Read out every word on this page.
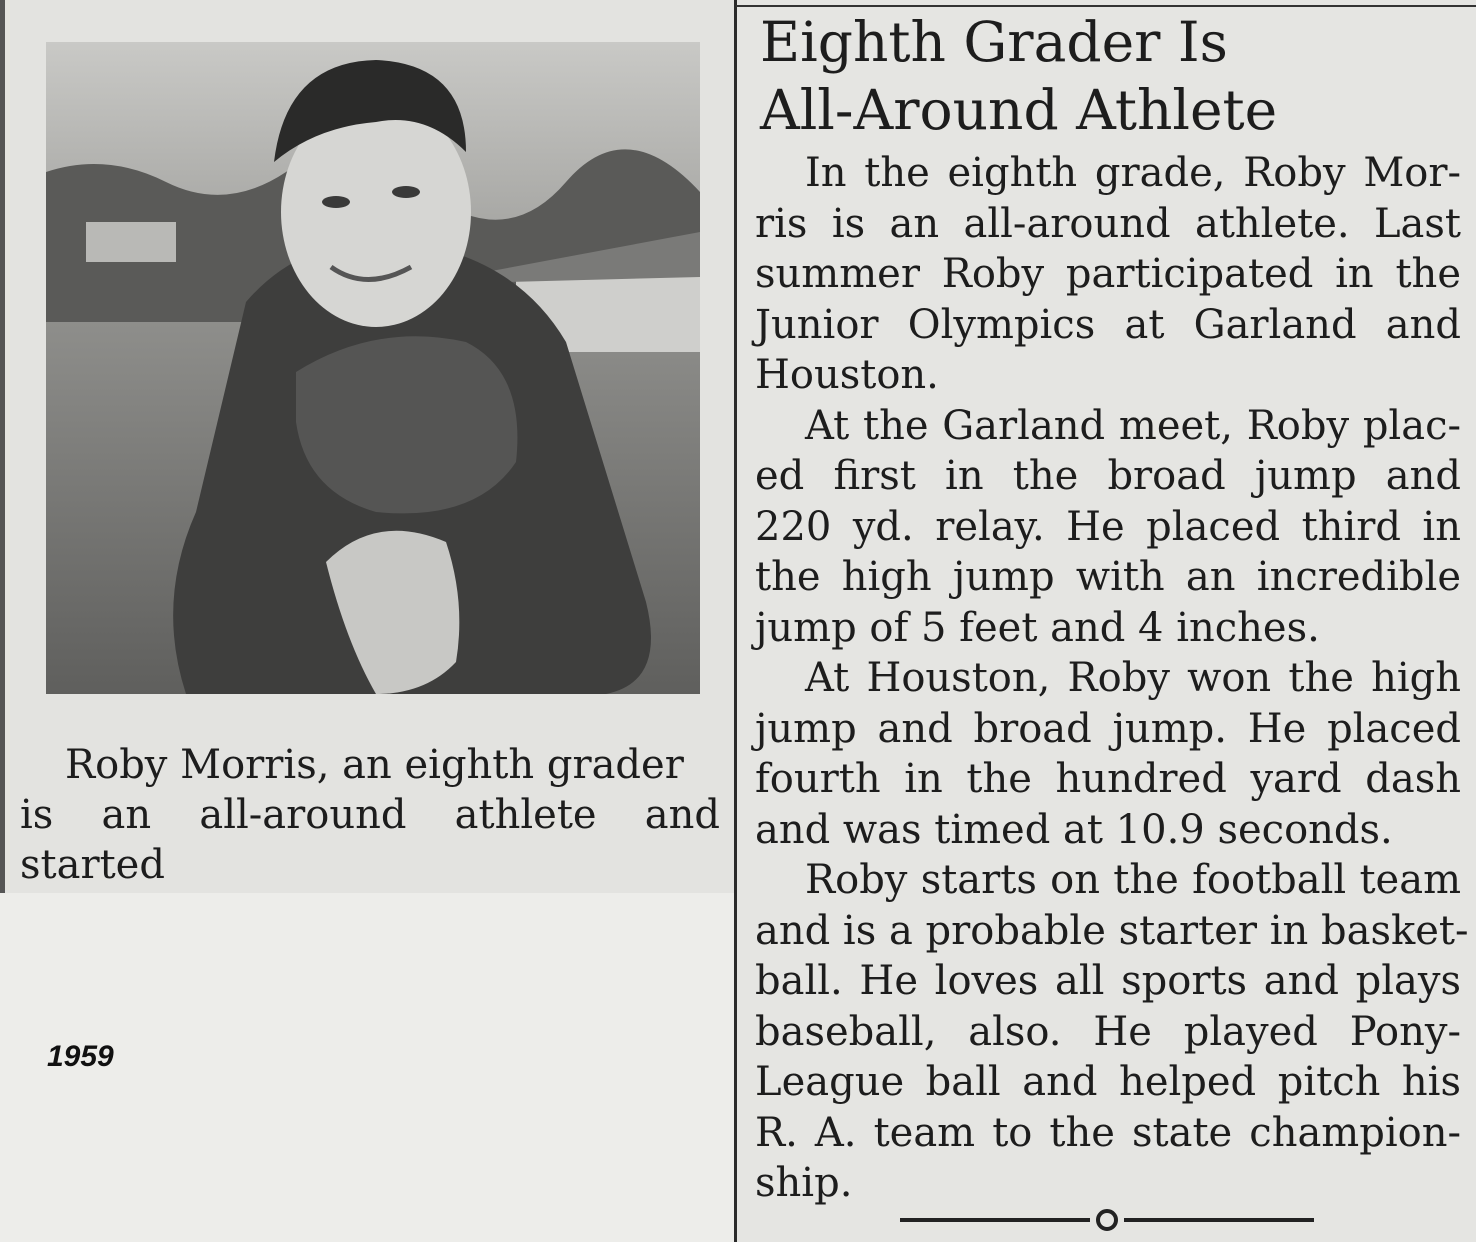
Roby Morris, an eighth grader
is an all-around athlete and started
1959
Eighth Grader Is
All-Around Athlete
In the eighth grade, Roby Mor-
ris is an all-around athlete. Last
summer Roby participated in the
Junior Olympics at Garland and
Houston.
At the Garland meet, Roby plac-
ed first in the broad jump and
220 yd. relay. He placed third in
the high jump with an incredible
jump of 5 feet and 4 inches.
At Houston, Roby won the high
jump and broad jump. He placed
fourth in the hundred yard dash
and was timed at 10.9 seconds.
Roby starts on the football team
and is a probable starter in basket-
ball. He loves all sports and plays
baseball, also. He played Pony-
League ball and helped pitch his
R. A. team to the state champion-
ship.
